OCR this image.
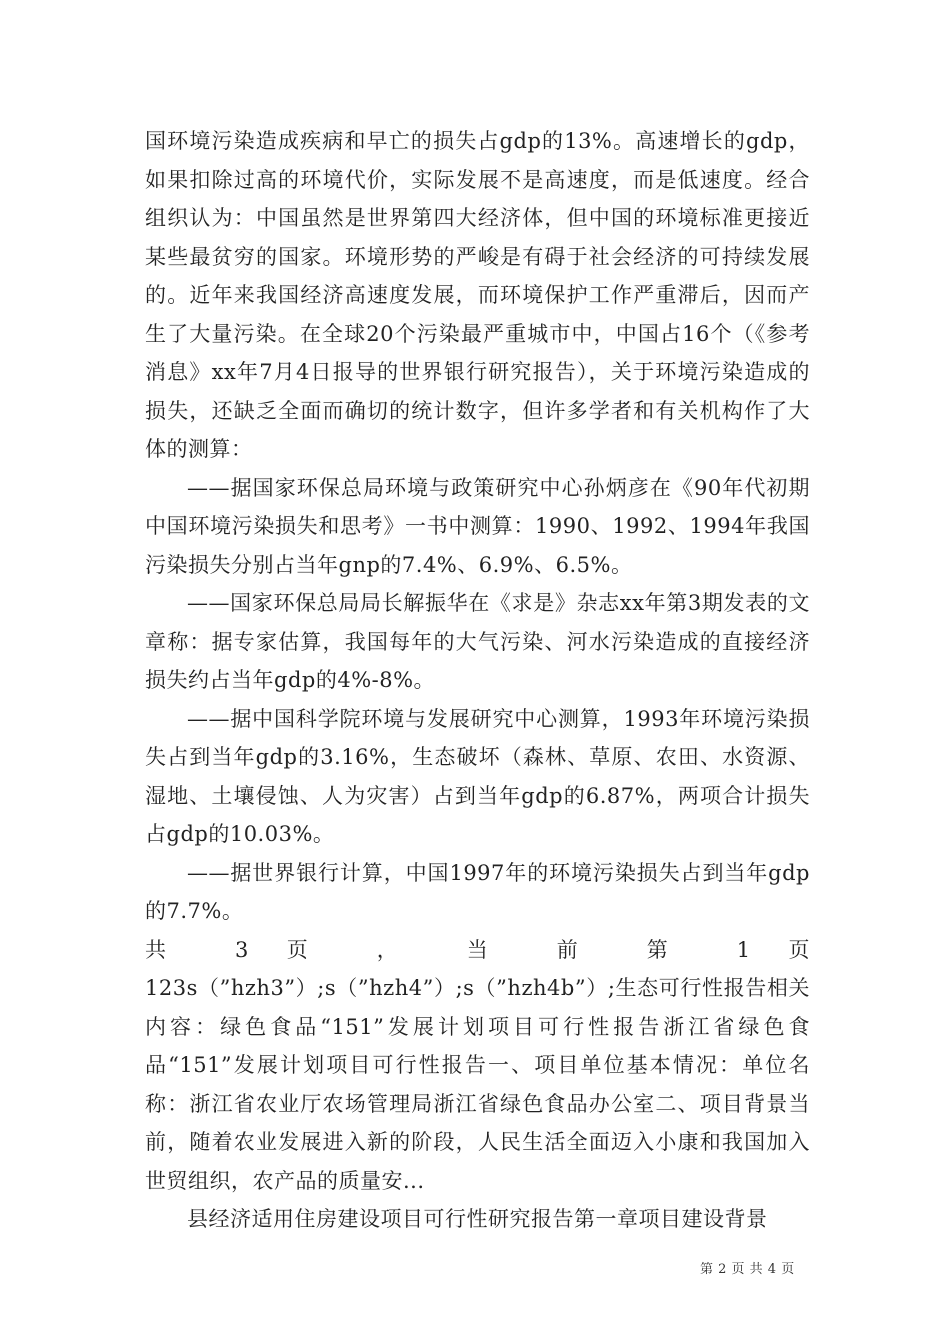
国环境污染造成疾病和早亡的损失占gdp的13%。高速增长的gdp，如果扣除过高的环境代价，实际发展不是高速度，而是低速度。经合组织认为：中国虽然是世界第四大经济体，但中国的环境标准更接近某些最贫穷的国家。环境形势的严峻是有碍于社会经济的可持续发展的。近年来我国经济高速度发展，而环境保护工作严重滞后，因而产生了大量污染。在全球20个污染最严重城市中，中国占16个（《参考消息》xx年7月4日报导的世界银行研究报告），关于环境污染造成的损失，还缺乏全面而确切的统计数字，但许多学者和有关机构作了大体的测算：

——据国家环保总局环境与政策研究中心孙炳彦在《90年代初期中国环境污染损失和思考》一书中测算：1990、1992、1994年我国污染损失分别占当年gnp的7.4%、6.9%、6.5%。

——国家环保总局局长解振华在《求是》杂志xx年第3期发表的文章称：据专家估算，我国每年的大气污染、河水污染造成的直接经济损失约占当年gdp的4%-8%。

——据中国科学院环境与发展研究中心测算，1993年环境污染损失占到当年gdp的3.16%，生态破坏（森林、草原、农田、水资源、湿地、土壤侵蚀、人为灾害）占到当年gdp的6.87%，两项合计损失占gdp的10.03%。

——据世界银行计算，中国1997年的环境污染损失占到当年gdp的7.7%。

共 3 页 ， 当 前 第 1 页

123s（”hzh3”）;s（”hzh4”）;s（”hzh4b”）;生态可行性报告相关内容：绿色食品“151”发展计划项目可行性报告浙江省绿色食品“151”发展计划项目可行性报告一、项目单位基本情况：单位名称：浙江省农业厅农场管理局浙江省绿色食品办公室二、项目背景当前，随着农业发展进入新的阶段，人民生活全面迈入小康和我国加入世贸组织，农产品的质量安...

县经济适用住房建设项目可行性研究报告第一章项目建设背景

第 2 页 共 4 页
